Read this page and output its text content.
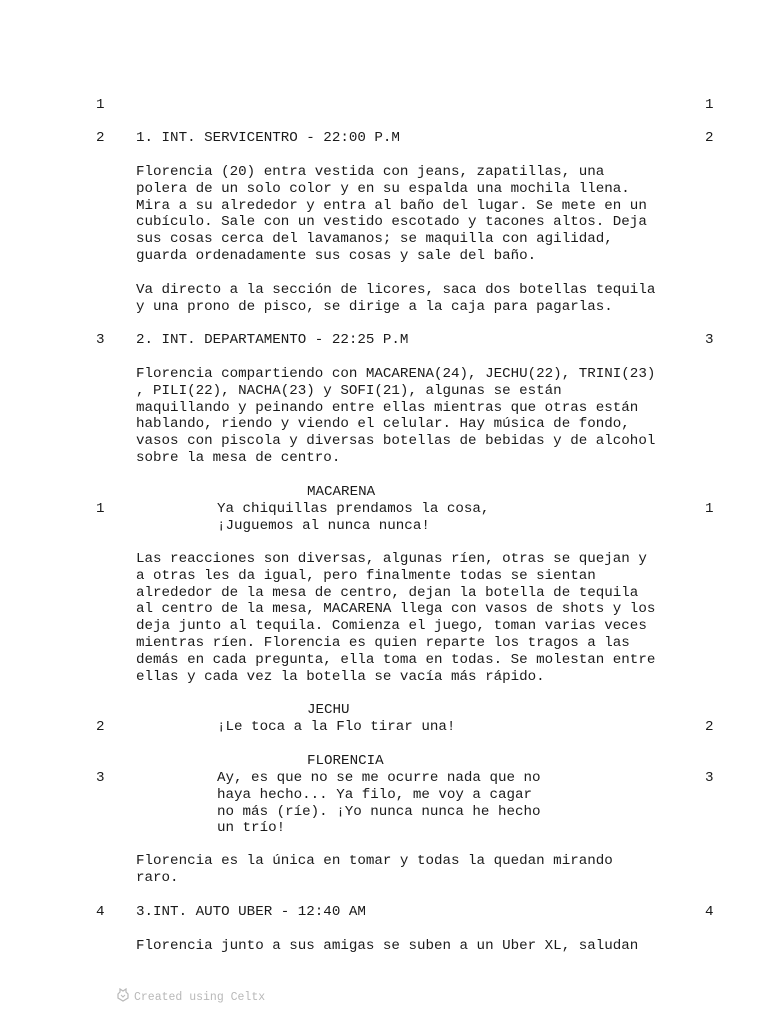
1	1
2 1. INT. SERVICENTRO - 22:00 P.M	2
Florencia (20) entra vestida con jeans, zapatillas, una
polera de un solo color y en su espalda una mochila llena.
Mira a su alrededor y entra al baño del lugar. Se mete en un
cubículo. Sale con un vestido escotado y tacones altos. Deja
sus cosas cerca del lavamanos; se maquilla con agilidad,
guarda ordenadamente sus cosas y sale del baño.
Va directo a la sección de licores, saca dos botellas tequila
y una prono de pisco, se dirige a la caja para pagarlas.
3 2. INT. DEPARTAMENTO - 22:25 P.M	3
Florencia compartiendo con MACARENA(24), JECHU(22), TRINI(23)
, PILI(22), NACHA(23) y SOFI(21), algunas se están
maquillando y peinando entre ellas mientras que otras están
hablando, riendo y viendo el celular. Hay música de fondo,
vasos con piscola y diversas botellas de bebidas y de alcohol
sobre la mesa de centro.
MACARENA
1	Ya chiquillas prendamos la cosa,
¡Juguemos al nunca nunca!
1
Las reacciones son diversas, algunas ríen, otras se quejan y
a otras les da igual, pero finalmente todas se sientan
alrededor de la mesa de centro, dejan la botella de tequila
al centro de la mesa, MACARENA llega con vasos de shots y los
deja junto al tequila. Comienza el juego, toman varias veces
mientras ríen. Florencia es quien reparte los tragos a las
demás en cada pregunta, ella toma en todas. Se molestan entre
ellas y cada vez la botella se vacía más rápido.
JECHU
2	¡Le toca a la Flo tirar una!	2
FLORENCIA
3	Ay, es que no se me ocurre nada que no
haya hecho... Ya filo, me voy a cagar
no más (ríe). ¡Yo nunca nunca he hecho
un trío!
3
Florencia es la única en tomar y todas la quedan mirando
raro.
4 3.INT. AUTO UBER - 12:40 AM	4
Florencia junto a sus amigas se suben a un Uber XL, saludan
Created using Celtx
